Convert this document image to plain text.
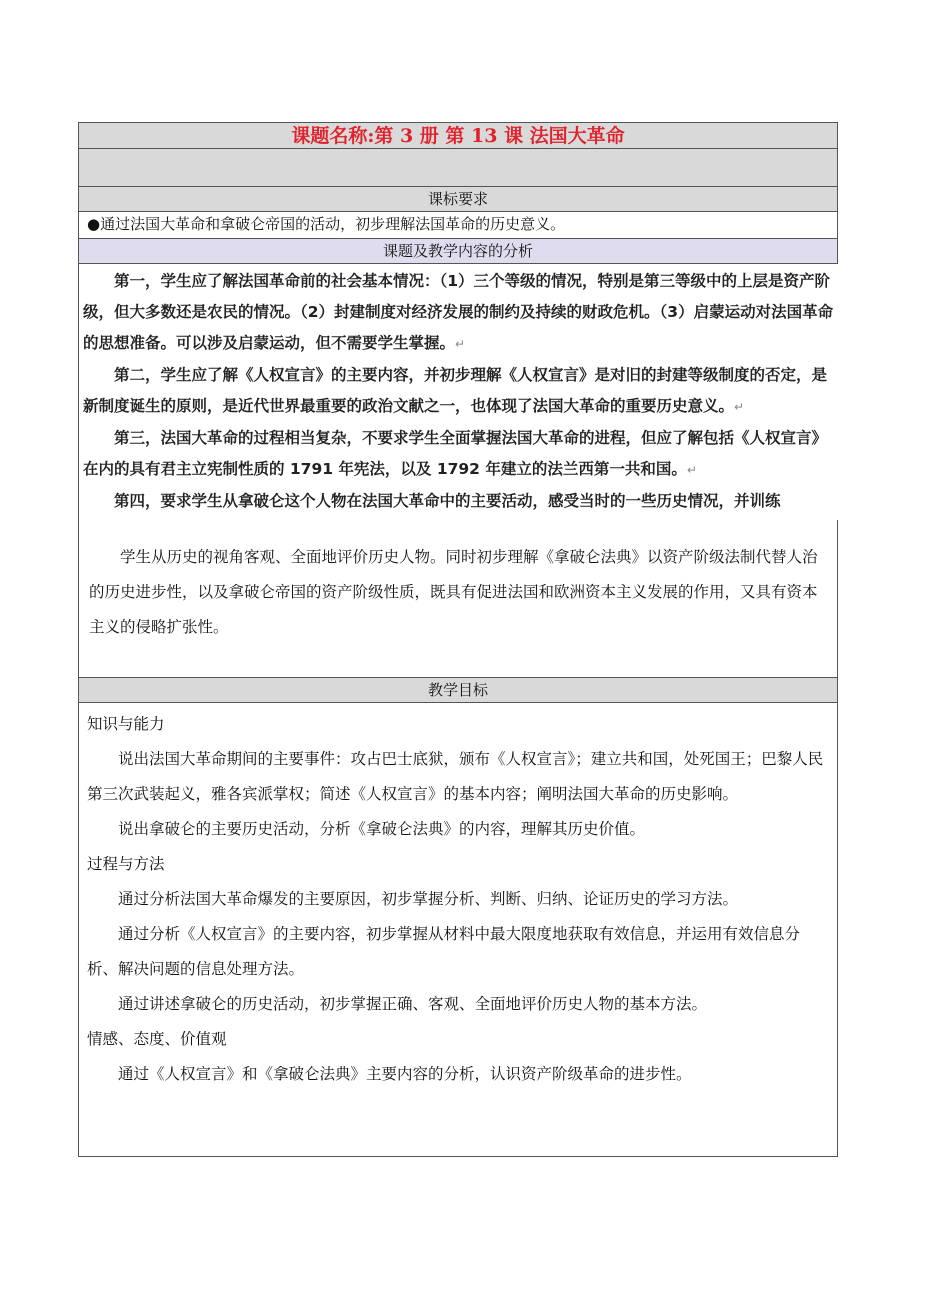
课题名称:第 3 册 第 13 课 法国大革命
课标要求
●通过法国大革命和拿破仑帝国的活动，初步理解法国革命的历史意义。
课题及教学内容的分析

第一，学生应了解法国革命前的社会基本情况：（1）三个等级的情况，特别是第三等级中的上层是资产阶级，但大多数还是农民的情况。（2）封建制度对经济发展的制约及持续的财政危机。（3）启蒙运动对法国革命的思想准备。可以涉及启蒙运动，但不需要学生掌握。↵

第二，学生应了解《人权宣言》的主要内容，并初步理解《人权宣言》是对旧的封建等级制度的否定，是新制度诞生的原则，是近代世界最重要的政治文献之一，也体现了法国大革命的重要历史意义。↵

第三，法国大革命的过程相当复杂，不要求学生全面掌握法国大革命的进程，但应了解包括《人权宣言》在内的具有君主立宪制性质的 1791 年宪法，以及 1792 年建立的法兰西第一共和国。↵

第四，要求学生从拿破仑这个人物在法国大革命中的主要活动，感受当时的一些历史情况，并训练

学生从历史的视角客观、全面地评价历史人物。同时初步理解《拿破仑法典》以资产阶级法制代替人治的历史进步性，以及拿破仑帝国的资产阶级性质，既具有促进法国和欧洲资本主义发展的作用，又具有资本主义的侵略扩张性。

教学目标
知识与能力

说出法国大革命期间的主要事件：攻占巴士底狱，颁布《人权宣言》；建立共和国，处死国王；巴黎人民第三次武装起义，雅各宾派掌权；简述《人权宣言》的基本内容；阐明法国大革命的历史影响。

说出拿破仑的主要历史活动，分析《拿破仑法典》的内容，理解其历史价值。

过程与方法

通过分析法国大革命爆发的主要原因，初步掌握分析、判断、归纳、论证历史的学习方法。

通过分析《人权宣言》的主要内容，初步掌握从材料中最大限度地获取有效信息，并运用有效信息分析、解决问题的信息处理方法。

通过讲述拿破仑的历史活动，初步掌握正确、客观、全面地评价历史人物的基本方法。

情感、态度、价值观

通过《人权宣言》和《拿破仑法典》主要内容的分析，认识资产阶级革命的进步性。
